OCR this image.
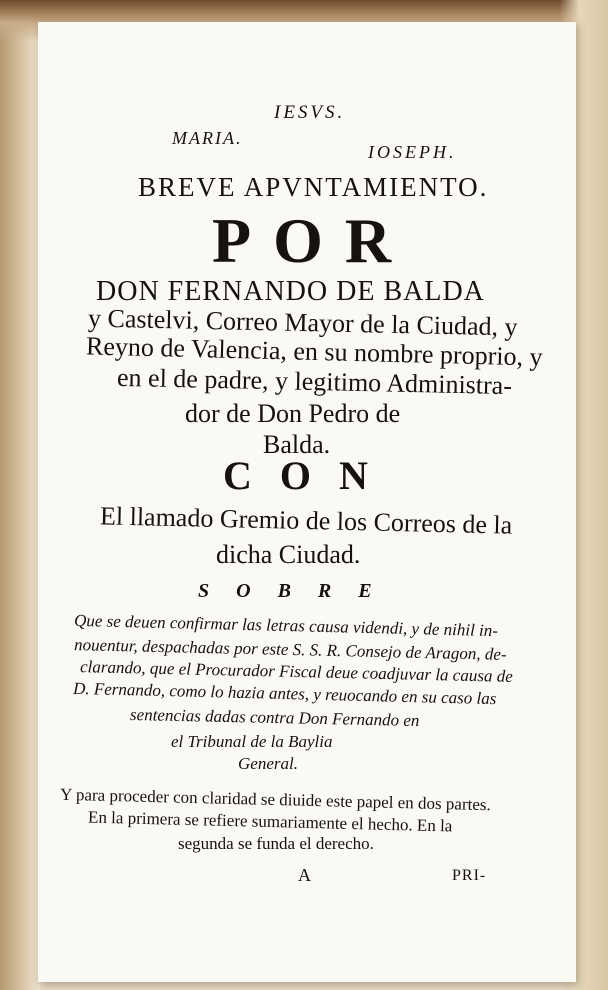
IESVS.

MARIA.

IOSEPH.

BREVE APVNTAMIENTO.

POR

DON FERNANDO DE BALDA

y Castelvi, Correo Mayor de la Ciudad, y

Reyno de Valencia, en su nombre proprio, y

en el de padre, y legitimo Administra-

dor de Don Pedro de

Balda.

CON

El llamado Gremio de los Correos de la

dicha Ciudad.

SOBRE

Que se deuen confirmar las letras causa videndi, y de nihil in-

nouentur, despachadas por este S. S. R. Consejo de Aragon, de-

clarando, que el Procurador Fiscal deue coadjuvar la causa de

D. Fernando, como lo hazia antes, y reuocando en su caso las

sentencias dadas contra Don Fernando en

el Tribunal de la Baylia

General.

Y para proceder con claridad se diuide este papel en dos partes.

En la primera se refiere sumariamente el hecho. En la

segunda se funda el derecho.

A	PRI-
